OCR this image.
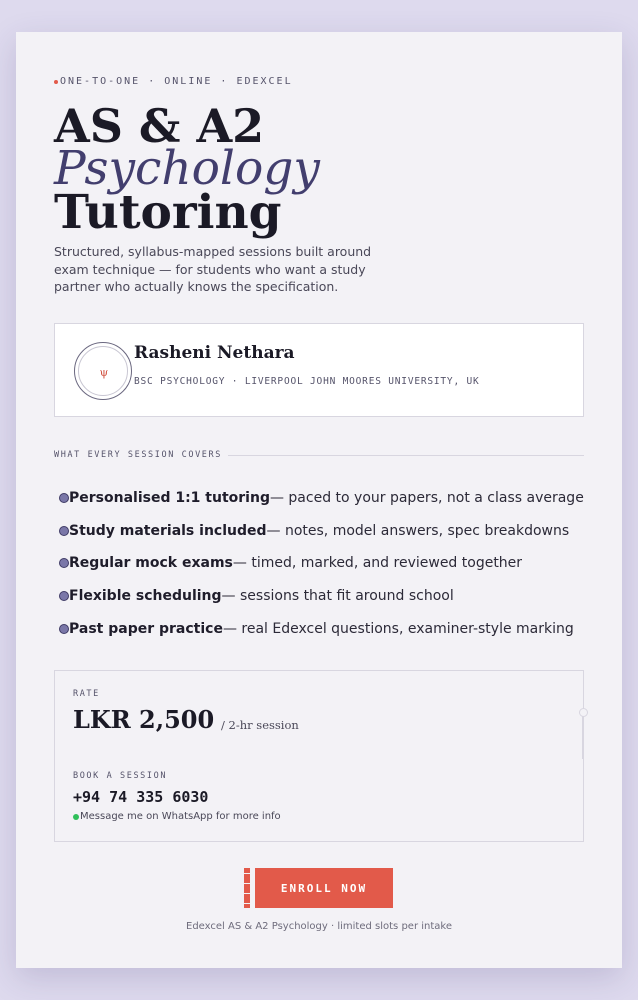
ONE-TO-ONE · ONLINE · EDEXCEL
AS & A2
Psychology
Tutoring

Structured, syllabus-mapped sessions built around exam technique — for students who want a study partner who actually knows the specification.

ψ
Rasheni Nethara
BSC PSYCHOLOGY · LIVERPOOL JOHN MOORES UNIVERSITY, UK
WHAT EVERY SESSION COVERS
Personalised 1:1 tutoring — paced to your papers, not a class average
Study materials included — notes, model answers, spec breakdowns
Regular mock exams — timed, marked, and reviewed together
Flexible scheduling — sessions that fit around school
Past paper practice — real Edexcel questions, examiner-style marking
RATE
LKR 2,500 / 2-hr session
BOOK A SESSION
+94 74 335 6030
Message me on WhatsApp for more info
ENROLL NOW
Edexcel AS & A2 Psychology · limited slots per intake
